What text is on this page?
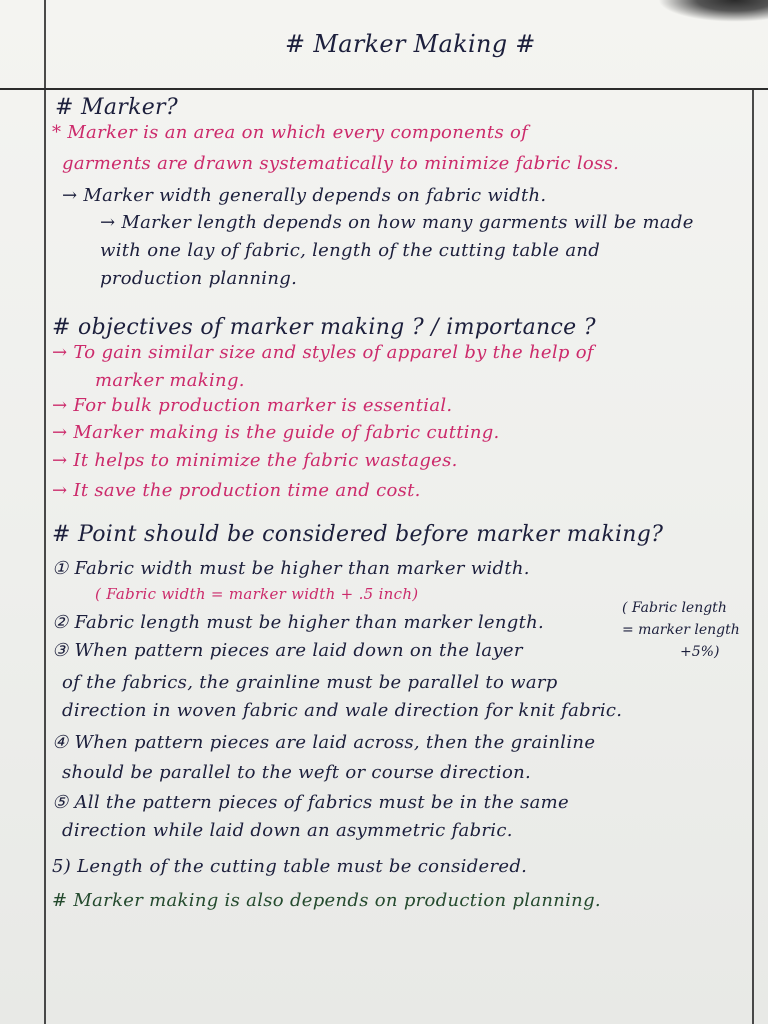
# Marker Making #
# Marker?
* Marker is an area on which every components of
garments are drawn systematically to minimize fabric loss.
→ Marker width generally depends on fabric width.
→ Marker length depends on how many garments will be made
with one lay of fabric, length of the cutting table and
production planning.
# objectives of marker making ? / importance ?
→ To gain similar size and styles of apparel by the help of
marker making.
→ For bulk production marker is essential.
→ Marker making is the guide of fabric cutting.
→ It helps to minimize the fabric wastages.
→ It save the production time and cost.
# Point should be considered before marker making?
① Fabric width must be higher than marker width.
( Fabric width = marker width + .5 inch)
② Fabric length must be higher than marker length.
③ When pattern pieces are laid down on the layer
of the fabrics, the grainline must be parallel to warp
direction in woven fabric and wale direction for knit fabric.
④ When pattern pieces are laid across, then the grainline
should be parallel to the weft or course direction.
⑤ All the pattern pieces of fabrics must be in the same
direction while laid down an asymmetric fabric.
5) Length of the cutting table must be considered.
# Marker making is also depends on production planning.
( Fabric length
= marker length
+5%)
